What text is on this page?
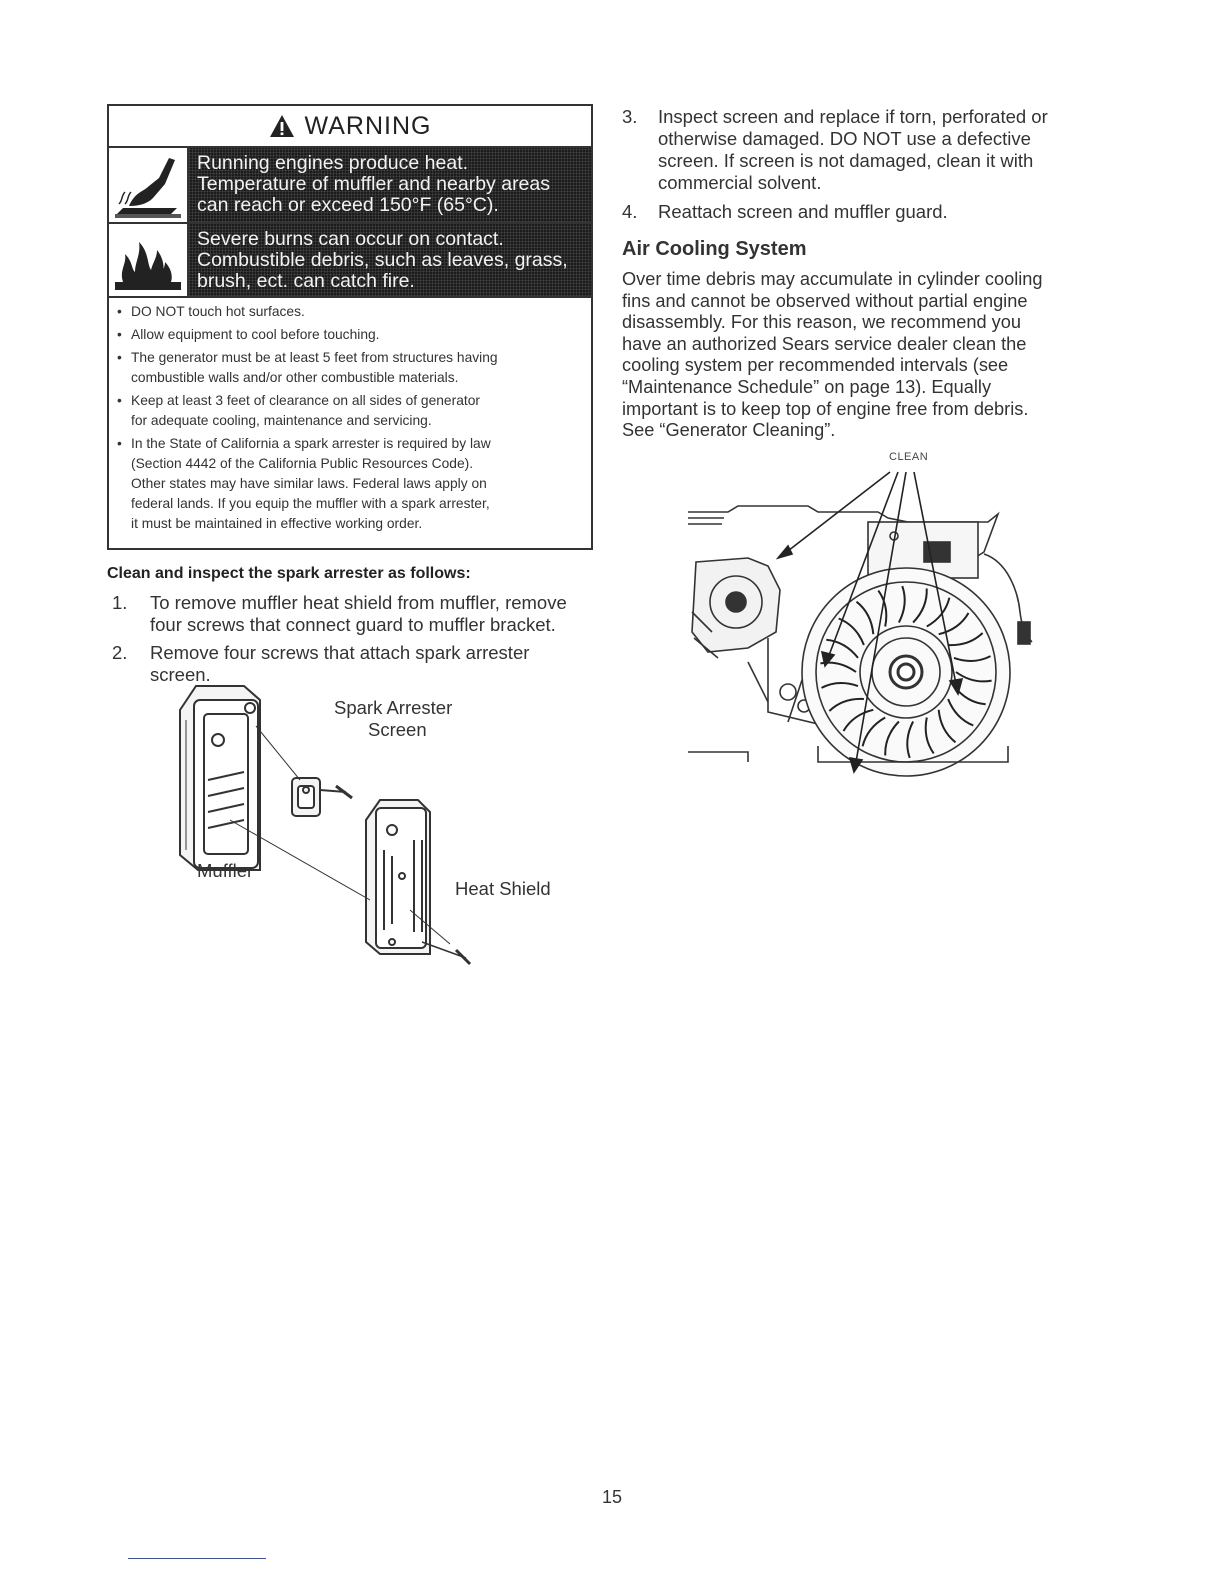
WARNING
Running engines produce heat.
Temperature of muffler and nearby areas
can reach or exceed 150°F (65°C).
Severe burns can occur on contact.
Combustible debris, such as leaves, grass,
brush, ect. can catch fire.
• DO NOT touch hot surfaces.
• Allow equipment to cool before touching.
• The generator must be at least 5 feet from structures having
combustible walls and/or other combustible materials.
• Keep at least 3 feet of clearance on all sides of generator
for adequate cooling, maintenance and servicing.
• In the State of California a spark arrester is required by law
(Section 4442 of the California Public Resources Code).
Other states may have similar laws. Federal laws apply on
federal lands. If you equip the muffler with a spark arrester,
it must be maintained in effective working order.
Clean and inspect the spark arrester as follows:
1. To remove muffler heat shield from muffler, remove
four screws that connect guard to muffler bracket.
2. Remove four screws that attach spark arrester
screen.
Spark Arrester
Screen
Muffler
Heat Shield
3. Inspect screen and replace if torn, perforated or
otherwise damaged. DO NOT use a defective
screen. If screen is not damaged, clean it with
commercial solvent.
4. Reattach screen and muffler guard.
Air Cooling System
Over time debris may accumulate in cylinder cooling
fins and cannot be observed without partial engine
disassembly. For this reason, we recommend you
have an authorized Sears service dealer clean the
cooling system per recommended intervals (see
“Maintenance Schedule” on page 13). Equally
important is to keep top of engine free from debris.
See “Generator Cleaning”.
CLEAN
15
